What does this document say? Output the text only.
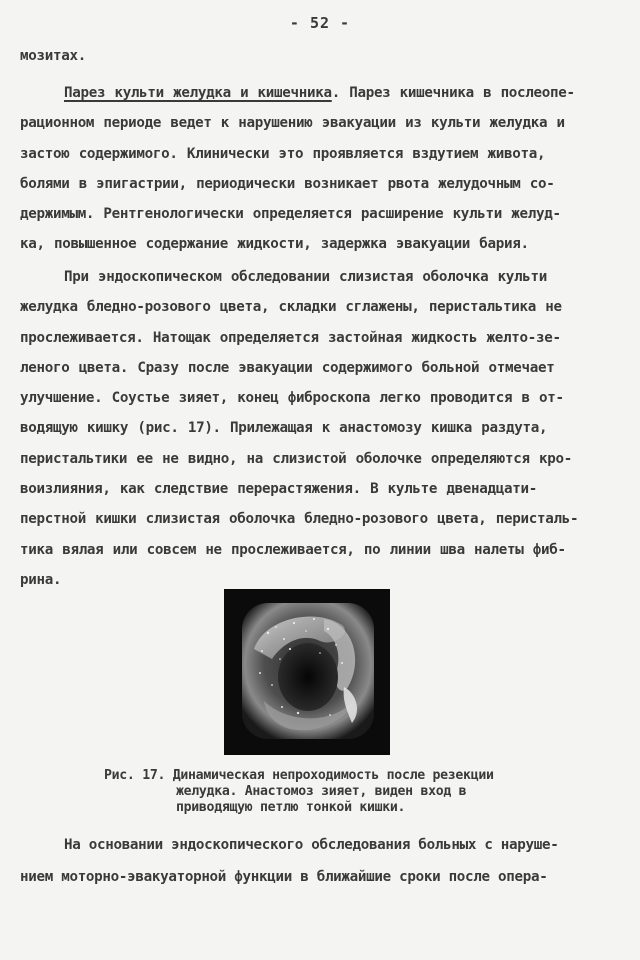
- 52 -
мозитах.
Парез культи желудка и кишечника. Парез кишечника в послеопе-
рационном периоде ведет к нарушению эвакуации из культи желудка и
застою содержимого. Клинически это проявляется вздутием живота,
болями в эпигастрии, периодически возникает рвота желудочным со-
держимым. Рентгенологически определяется расширение культи желуд-
ка, повышенное содержание жидкости, задержка эвакуации бария.
При эндоскопическом обследовании слизистая оболочка культи
желудка бледно-розового цвета, складки сглажены, перистальтика не
прослеживается. Натощак определяется застойная жидкость желто-зе-
леного цвета. Сразу после эвакуации содержимого больной отмечает
улучшение. Соустье зияет, конец фиброскопа легко проводится в от-
водящую кишку (рис. 17). Прилежащая к анастомозу кишка раздута,
перистальтики ее не видно, на слизистой оболочке определяются кро-
воизлияния, как следствие перерастяжения. В культе двенадцати-
перстной кишки слизистая оболочка бледно-розового цвета, перисталь-
тика вялая или совсем не прослеживается, по линии шва налеты фиб-
рина.
Рис. 17. Динамическая непроходимость после резекции
желудка. Анастомоз зияет, виден вход в
приводящую петлю тонкой кишки.
На основании эндоскопического обследования больных с наруше-
нием моторно-эвакуаторной функции в ближайшие сроки после опера-
